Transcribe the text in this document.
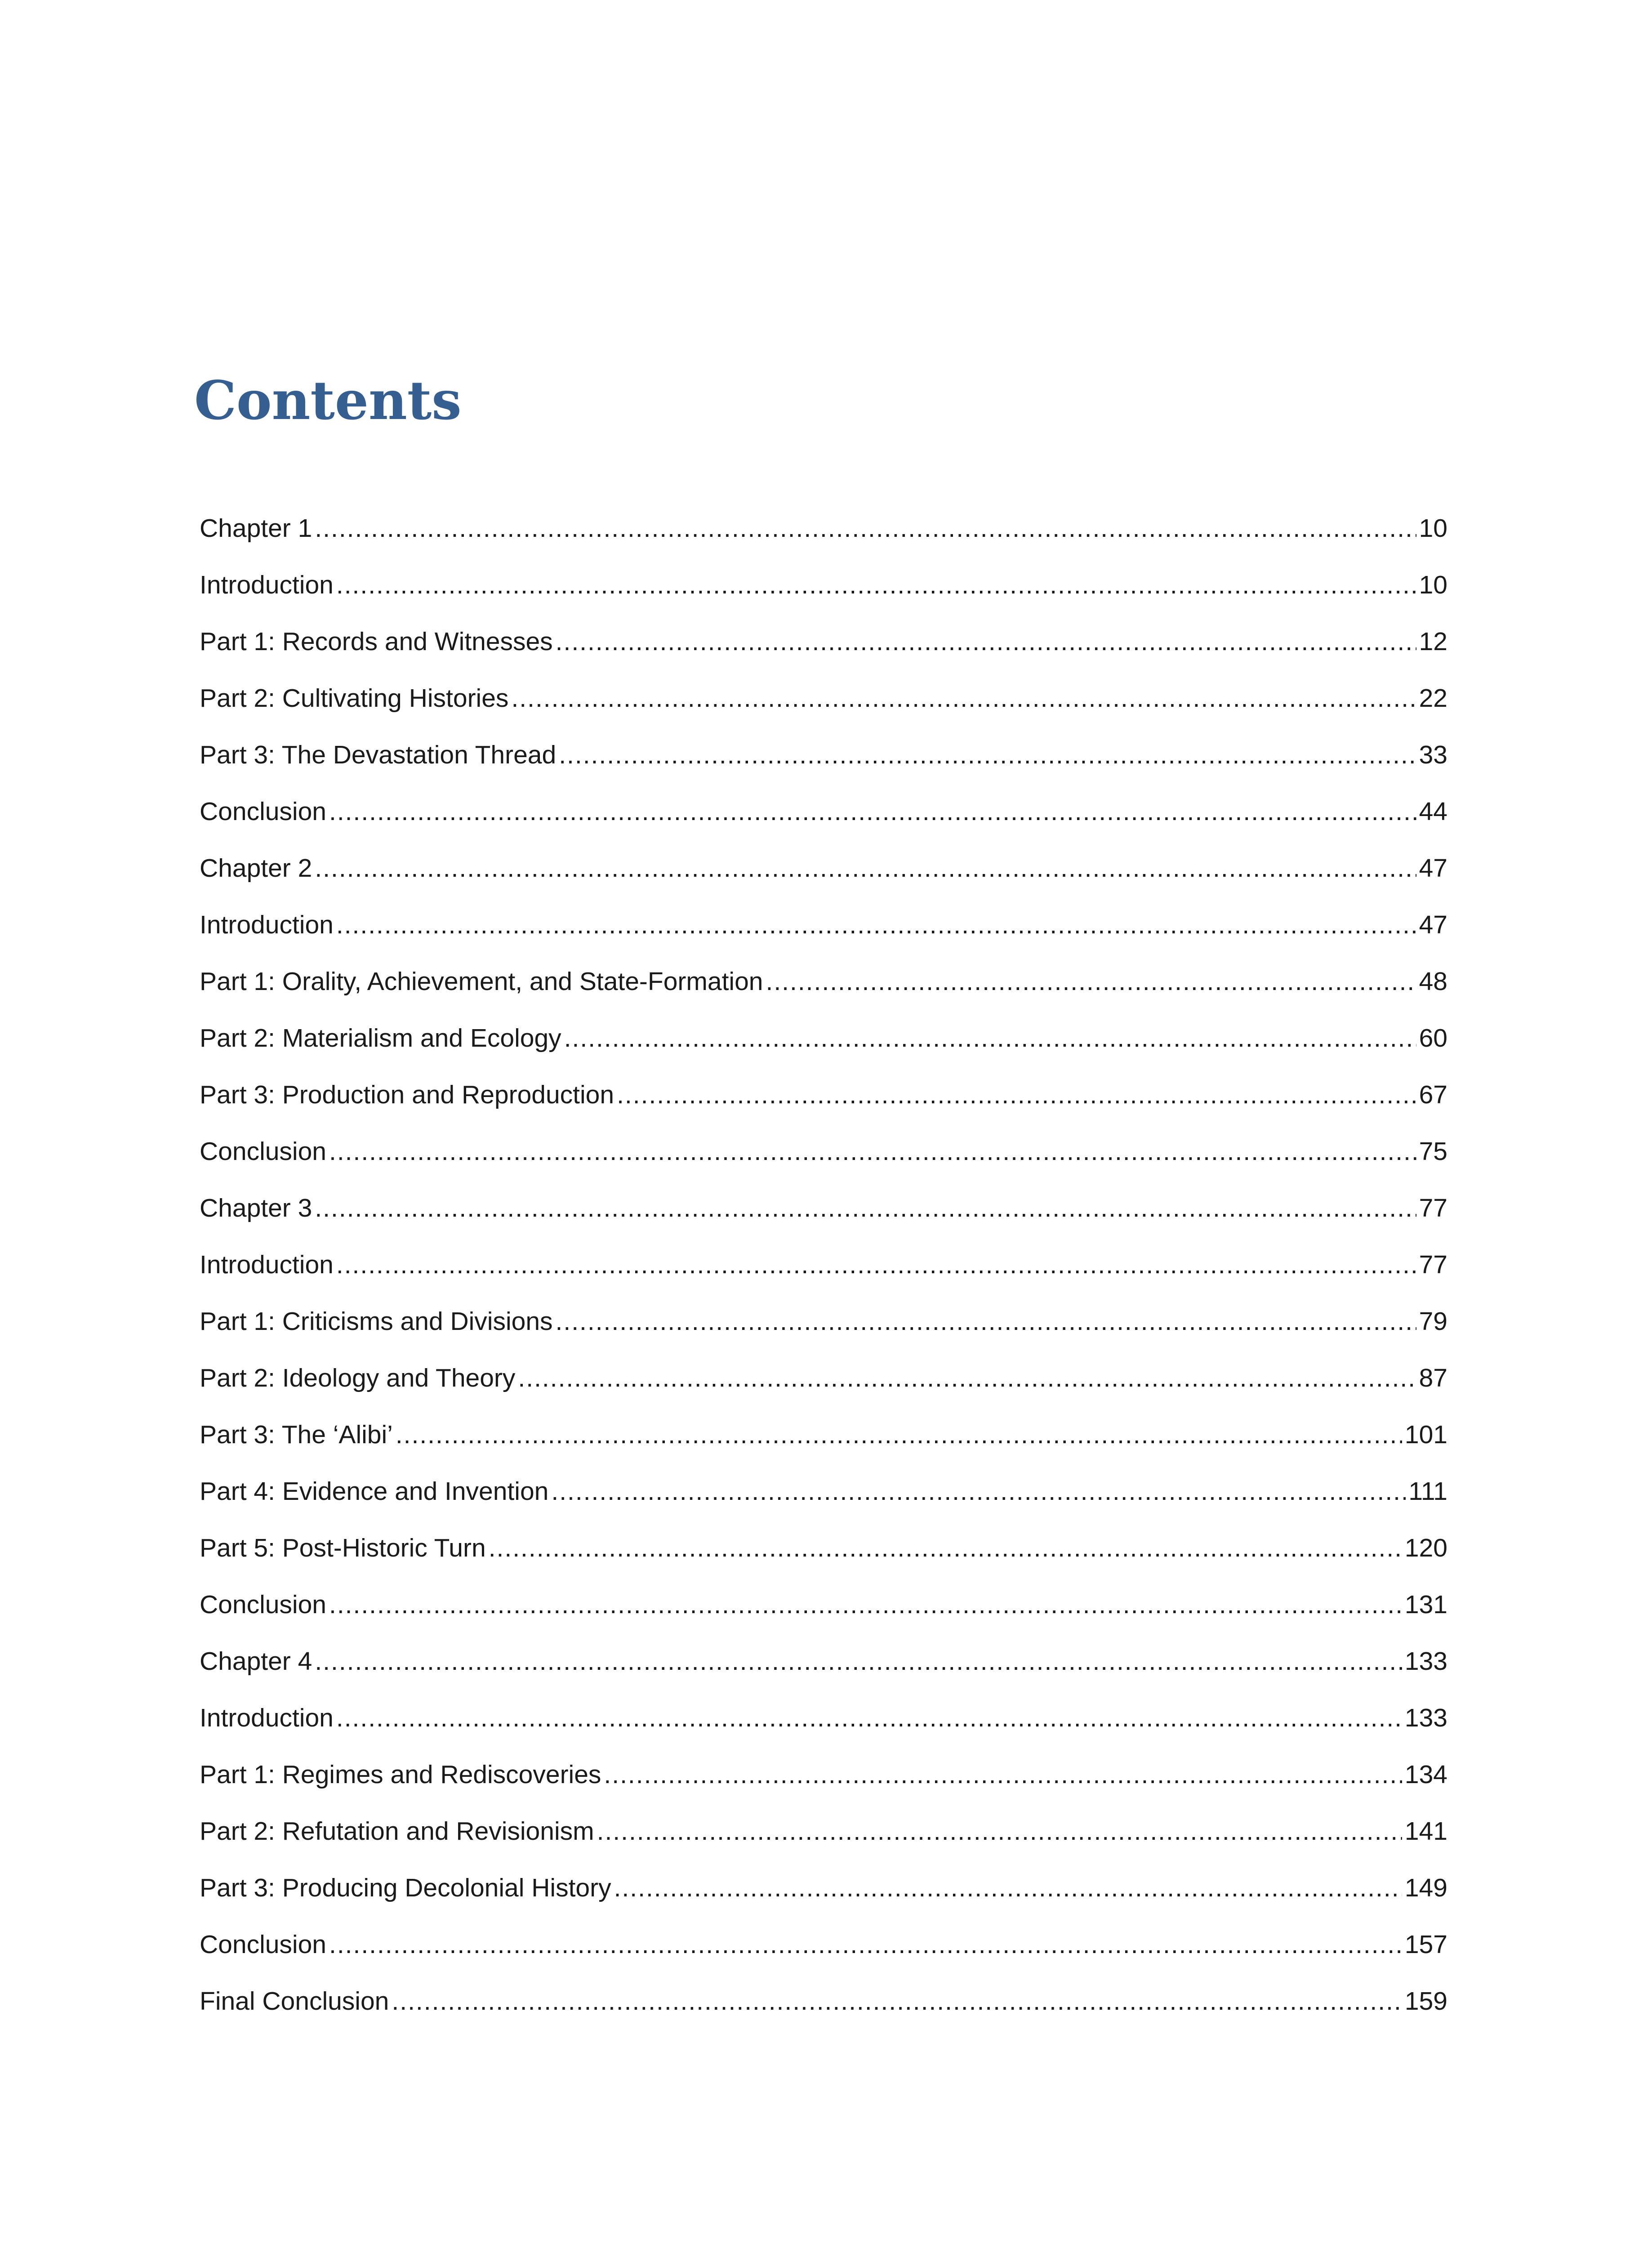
Contents
Chapter 1 .....	10
Introduction .....	10
Part 1: Records and Witnesses .....	12
Part 2: Cultivating Histories .....	22
Part 3: The Devastation Thread .....	33
Conclusion .....	44
Chapter 2 .....	47
Introduction .....	47
Part 1: Orality, Achievement, and State-Formation .....	48
Part 2: Materialism and Ecology .....	60
Part 3: Production and Reproduction .....	67
Conclusion .....	75
Chapter 3 .....	77
Introduction .....	77
Part 1: Criticisms and Divisions .....	79
Part 2: Ideology and Theory .....	87
Part 3: The ‘Alibi’ .....	101
Part 4: Evidence and Invention .....	111
Part 5: Post-Historic Turn .....	120
Conclusion .....	131
Chapter 4 .....	133
Introduction .....	133
Part 1: Regimes and Rediscoveries .....	134
Part 2: Refutation and Revisionism .....	141
Part 3: Producing Decolonial History .....	149
Conclusion .....	157
Final Conclusion .....	159
